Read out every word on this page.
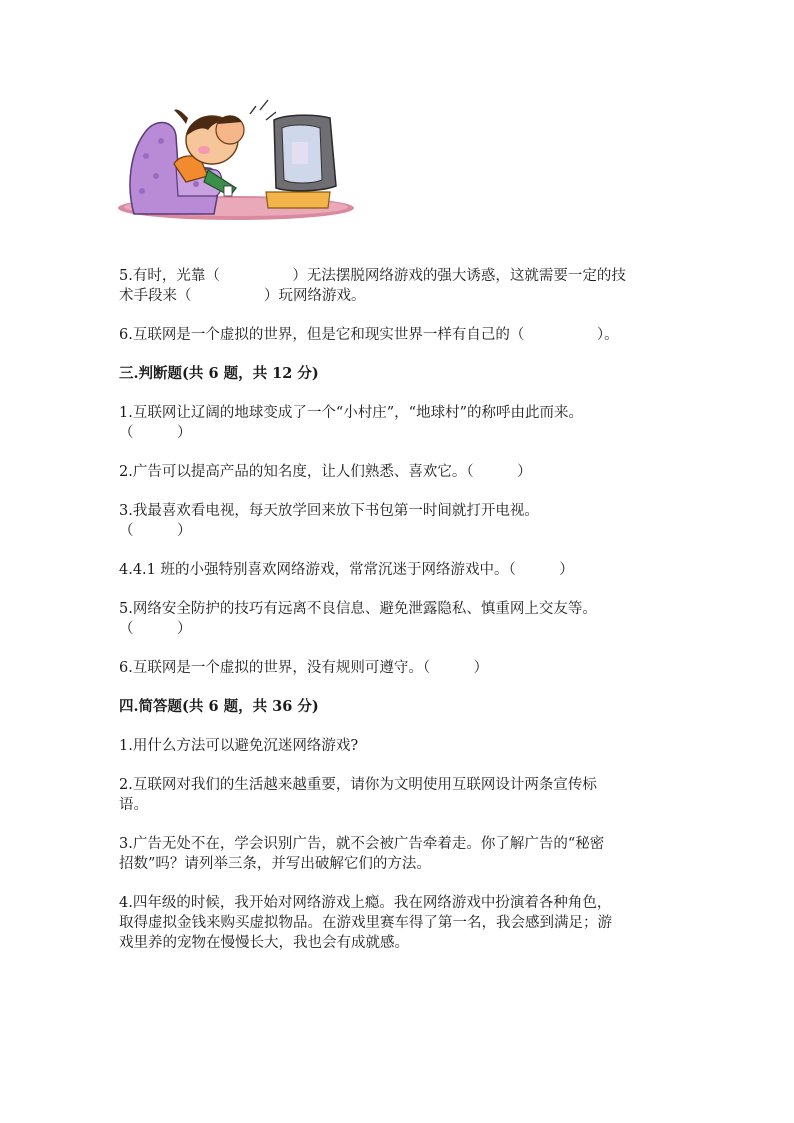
5.有时，光靠（　　　　　）无法摆脱网络游戏的强大诱惑，这就需要一定的技

术手段来（　　　　　）玩网络游戏。

6.互联网是一个虚拟的世界，但是它和现实世界一样有自己的（　　　　　）。

三.判断题(共 6 题，共 12 分)

1.互联网让辽阔的地球变成了一个“小村庄”，“地球村”的称呼由此而来。

（　　　）

2.广告可以提高产品的知名度，让人们熟悉、喜欢它。（　　　）

3.我最喜欢看电视，每天放学回来放下书包第一时间就打开电视。

（　　　）

4.4.1 班的小强特别喜欢网络游戏，常常沉迷于网络游戏中。（　　　）

5.网络安全防护的技巧有远离不良信息、避免泄露隐私、慎重网上交友等。

（　　　）

6.互联网是一个虚拟的世界，没有规则可遵守。（　　　）

四.简答题(共 6 题，共 36 分)

1.用什么方法可以避免沉迷网络游戏?

2.互联网对我们的生活越来越重要，请你为文明使用互联网设计两条宣传标

语。

3.广告无处不在，学会识别广告，就不会被广告牵着走。你了解广告的“秘密

招数”吗？请列举三条，并写出破解它们的方法。

4.四年级的时候，我开始对网络游戏上瘾。我在网络游戏中扮演着各种角色，

取得虚拟金钱来购买虚拟物品。在游戏里赛车得了第一名，我会感到满足；游

戏里养的宠物在慢慢长大，我也会有成就感。
